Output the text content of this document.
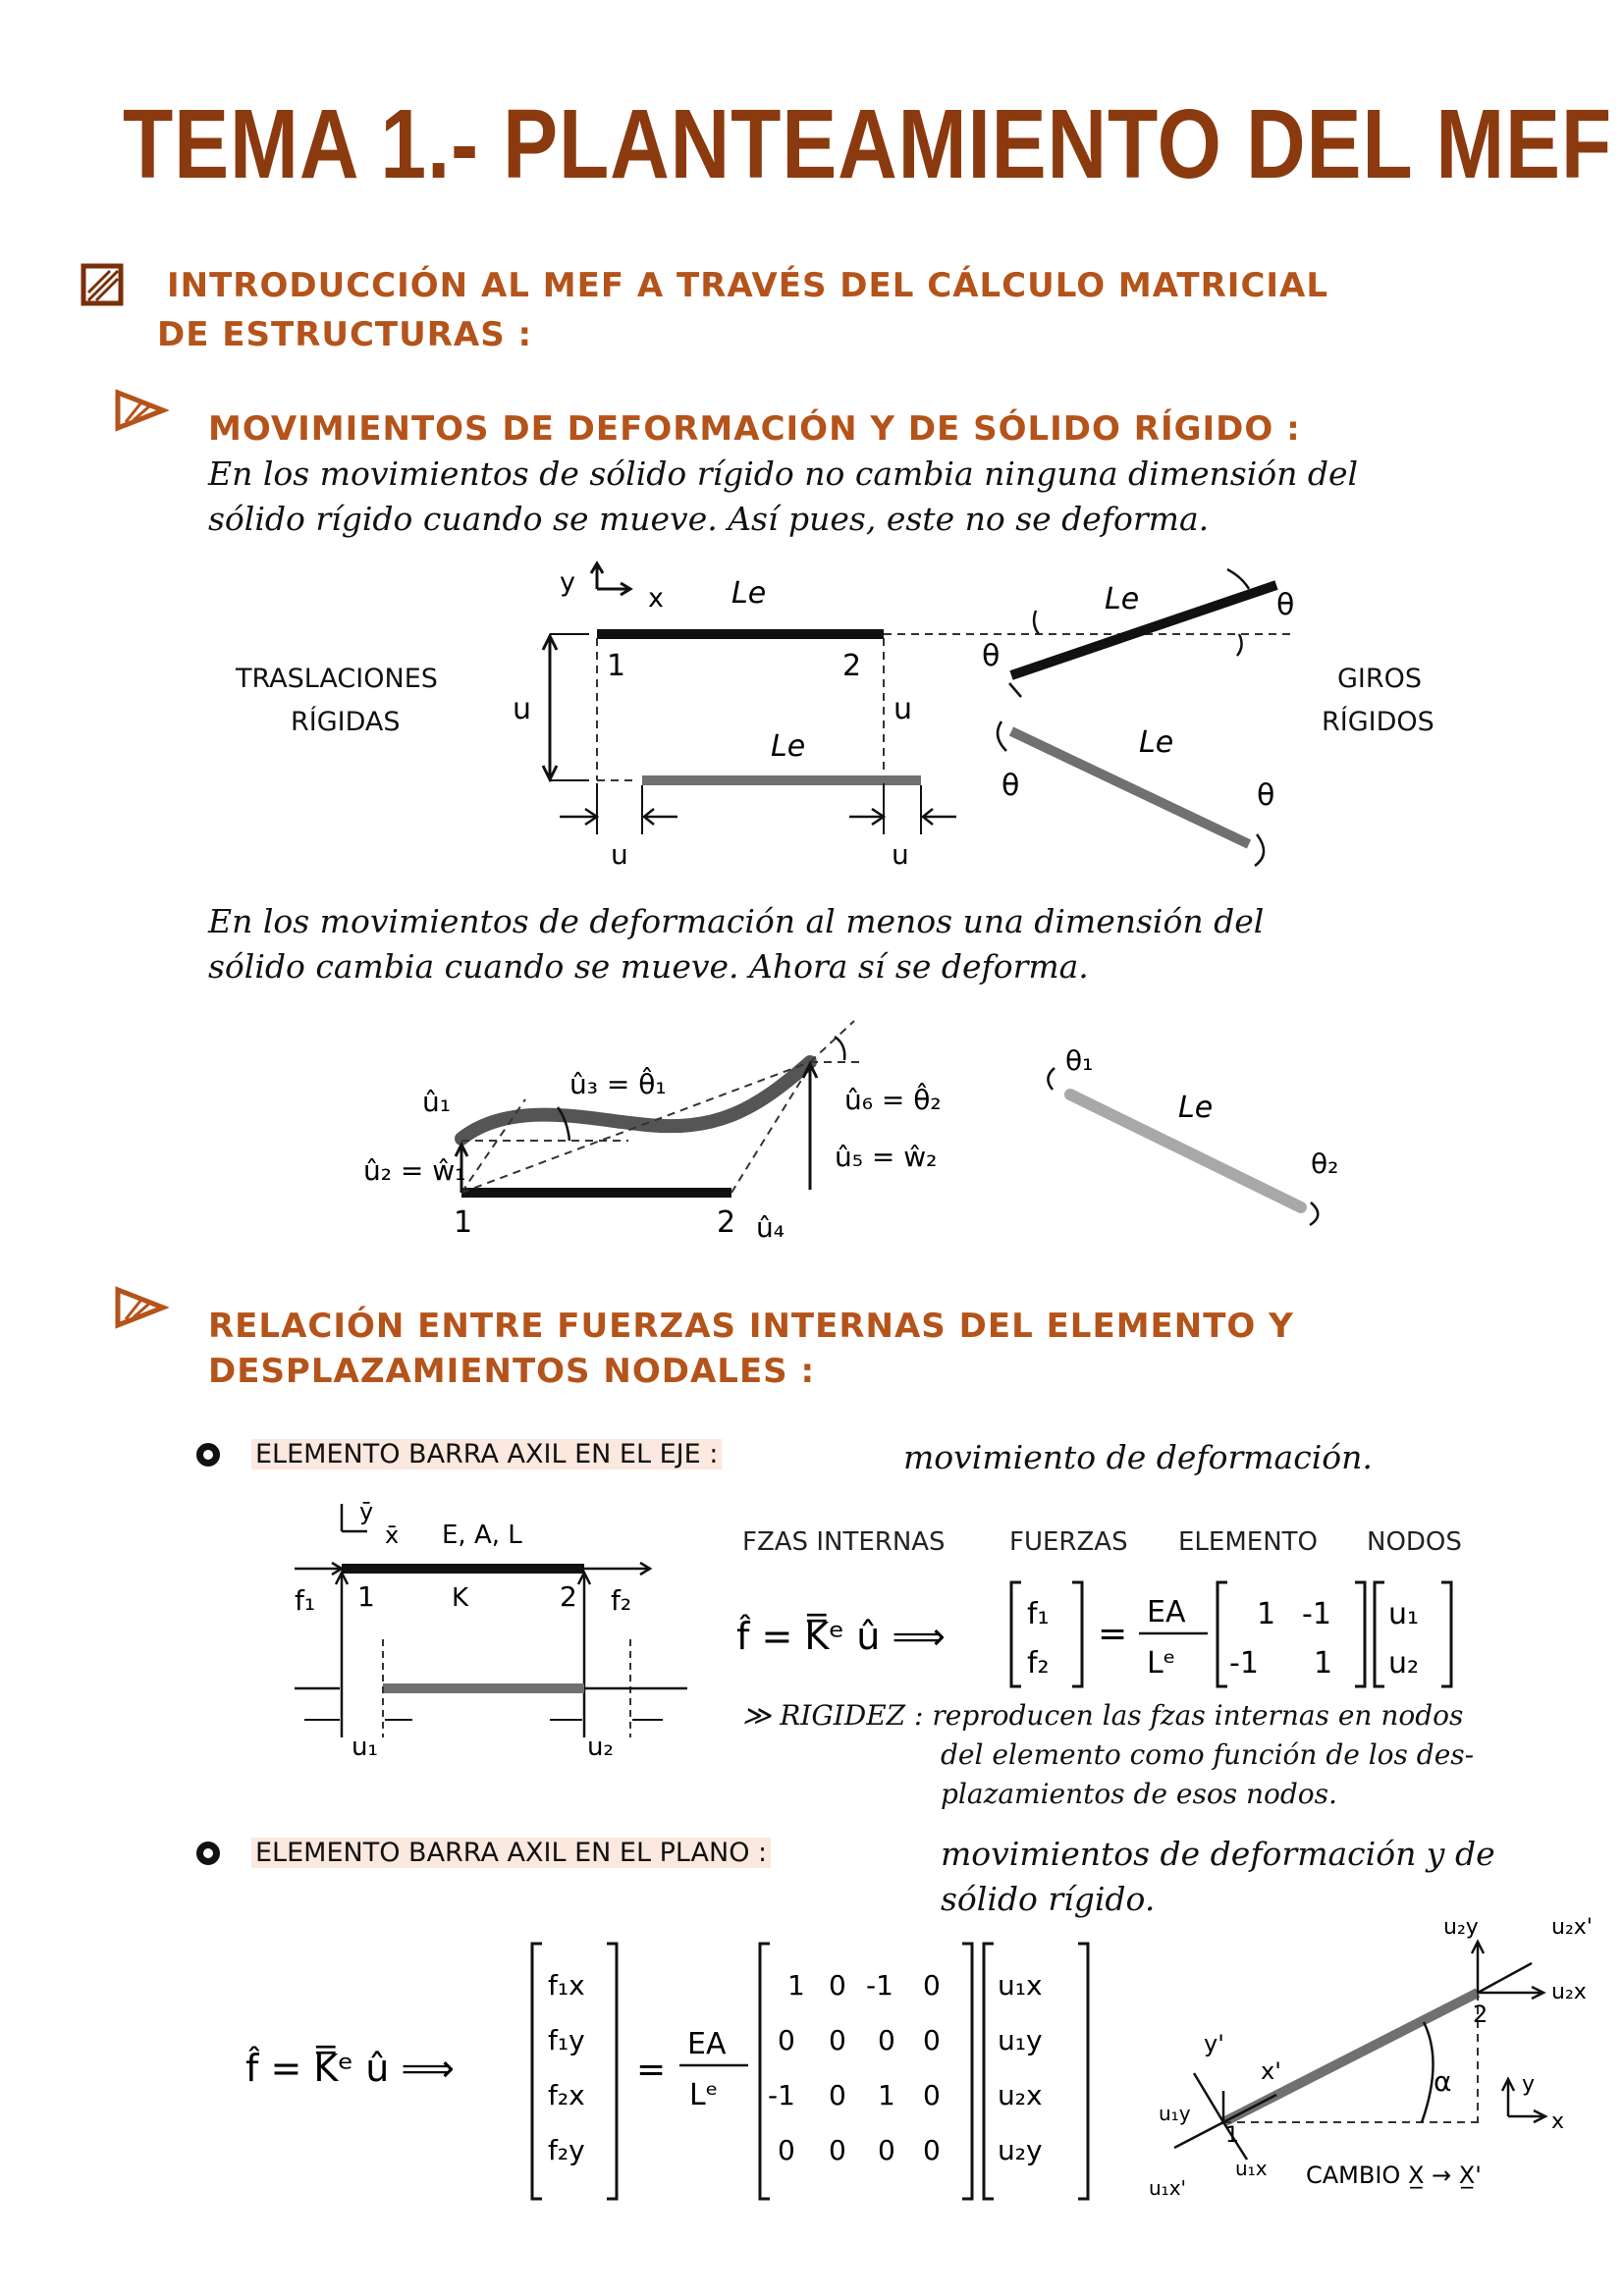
TEMA 1.- PLANTEAMIENTO DEL MEF
INTRODUCCIÓN AL MEF A TRAVÉS DEL CÁLCULO MATRICIAL
DE ESTRUCTURAS :
MOVIMIENTOS DE DEFORMACIÓN Y DE SÓLIDO RÍGIDO :
En los movimientos de sólido rígido no cambia ninguna dimensión del
sólido rígido cuando se mueve. Así pues, este no se deforma.
y
x Le
1	2
u	u
Le
u	u
Le	θ
θ
θ	θ
Le
TRASLACIONES
RÍGIDAS
GIROS
RÍGIDOS
En los movimientos de deformación al menos una dimensión del
sólido cambia cuando se mueve. Ahora sí se deforma.
û₁
û₂ = ŵ₁
û₃ = θ̂₁	û₆ = θ̂₂
û₅ = ŵ₂
1	2 û₄
θ₁
θ₂
Le
RELACIÓN ENTRE FUERZAS INTERNAS DEL ELEMENTO Y
DESPLAZAMIENTOS NODALES :
ELEMENTO BARRA AXIL EN EL EJE :	movimiento de deformación.
ȳ
x̄ E, A, L
f₁ 1	K	2 f₂
u₁	u₂
FZAS INTERNAS	FUERZAS ELEMENTO NODOS
f̂ = K̿ᵉ û ⟹
f₁
f₂
=
EA
Lᵉ
1 -1
-1 1
u₁
u₂
≫ RIGIDEZ : reproducen las fzas internas en nodos
del elemento como función de los des-
plazamientos de esos nodos.
ELEMENTO BARRA AXIL EN EL PLANO :	movimientos de deformación y de
sólido rígido.
f̂ = K̿ᵉ û ⟹
f₁x
f₁y
f₂x
f₂y
=
EA
Lᵉ
1 0 -1 0
0 0 0 0
-1 0 1 0
0 0 0 0
u₁x
u₁y
u₂x
u₂y
α
u₂y	u₂x'
u₂x
2
y'
x'
u₁y
1
u₁x
u₁x'
y
x
CAMBIO X̲ → X̲'
